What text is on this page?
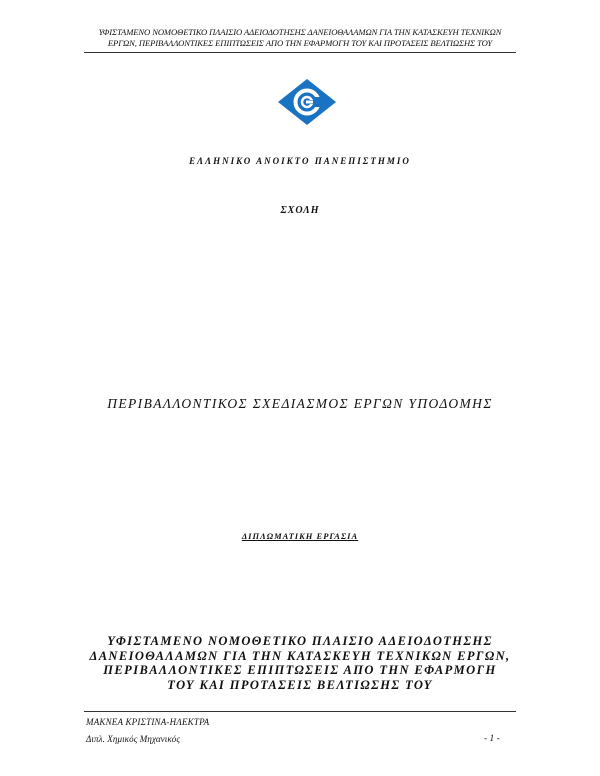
ΥΦΙΣΤΑΜΕΝΟ ΝΟΜΟΘΕΤΙΚΟ ΠΛΑΙΣΙΟ ΑΔΕΙΟΔΟΤΗΣΗΣ ΔΑΝΕΙΟΘΑΛΑΜΩΝ ΓΙΑ ΤΗΝ ΚΑΤΑΣΚΕΥΗ ΤΕΧΝΙΚΩΝ
ΕΡΓΩΝ, ΠΕΡΙΒΑΛΛΟΝΤΙΚΕΣ ΕΠΙΠΤΩΣΕΙΣ ΑΠΟ ΤΗΝ ΕΦΑΡΜΟΓΗ ΤΟΥ ΚΑΙ ΠΡΟΤΑΣΕΙΣ ΒΕΛΤΙΩΣΗΣ ΤΟΥ
ΕΛΛΗΝΙΚΟ ΑΝΟΙΚΤΟ ΠΑΝΕΠΙΣΤΗΜΙΟ
ΣΧΟΛΗ
ΠΕΡΙΒΑΛΛΟΝΤΙΚΟΣ ΣΧΕΔΙΑΣΜΟΣ ΕΡΓΩΝ ΥΠΟΔΟΜΗΣ
ΔΙΠΛΩΜΑΤΙΚΗ ΕΡΓΑΣΙΑ
ΥΦΙΣΤΑΜΕΝΟ ΝΟΜΟΘΕΤΙΚΟ ΠΛΑΙΣΙΟ ΑΔΕΙΟΔΟΤΗΣΗΣ
ΔΑΝΕΙΟΘΑΛΑΜΩΝ ΓΙΑ ΤΗΝ ΚΑΤΑΣΚΕΥΗ ΤΕΧΝΙΚΩΝ ΕΡΓΩΝ,
ΠΕΡΙΒΑΛΛΟΝΤΙΚΕΣ ΕΠΙΠΤΩΣΕΙΣ ΑΠΟ ΤΗΝ ΕΦΑΡΜΟΓΗ
ΤΟΥ ΚΑΙ ΠΡΟΤΑΣΕΙΣ ΒΕΛΤΙΩΣΗΣ ΤΟΥ
ΜΑΚΝΕΑ ΚΡΙΣΤΙΝΑ-ΗΛΕΚΤΡΑ
Διπλ. Χημικός Μηχανικός	- 1 -
